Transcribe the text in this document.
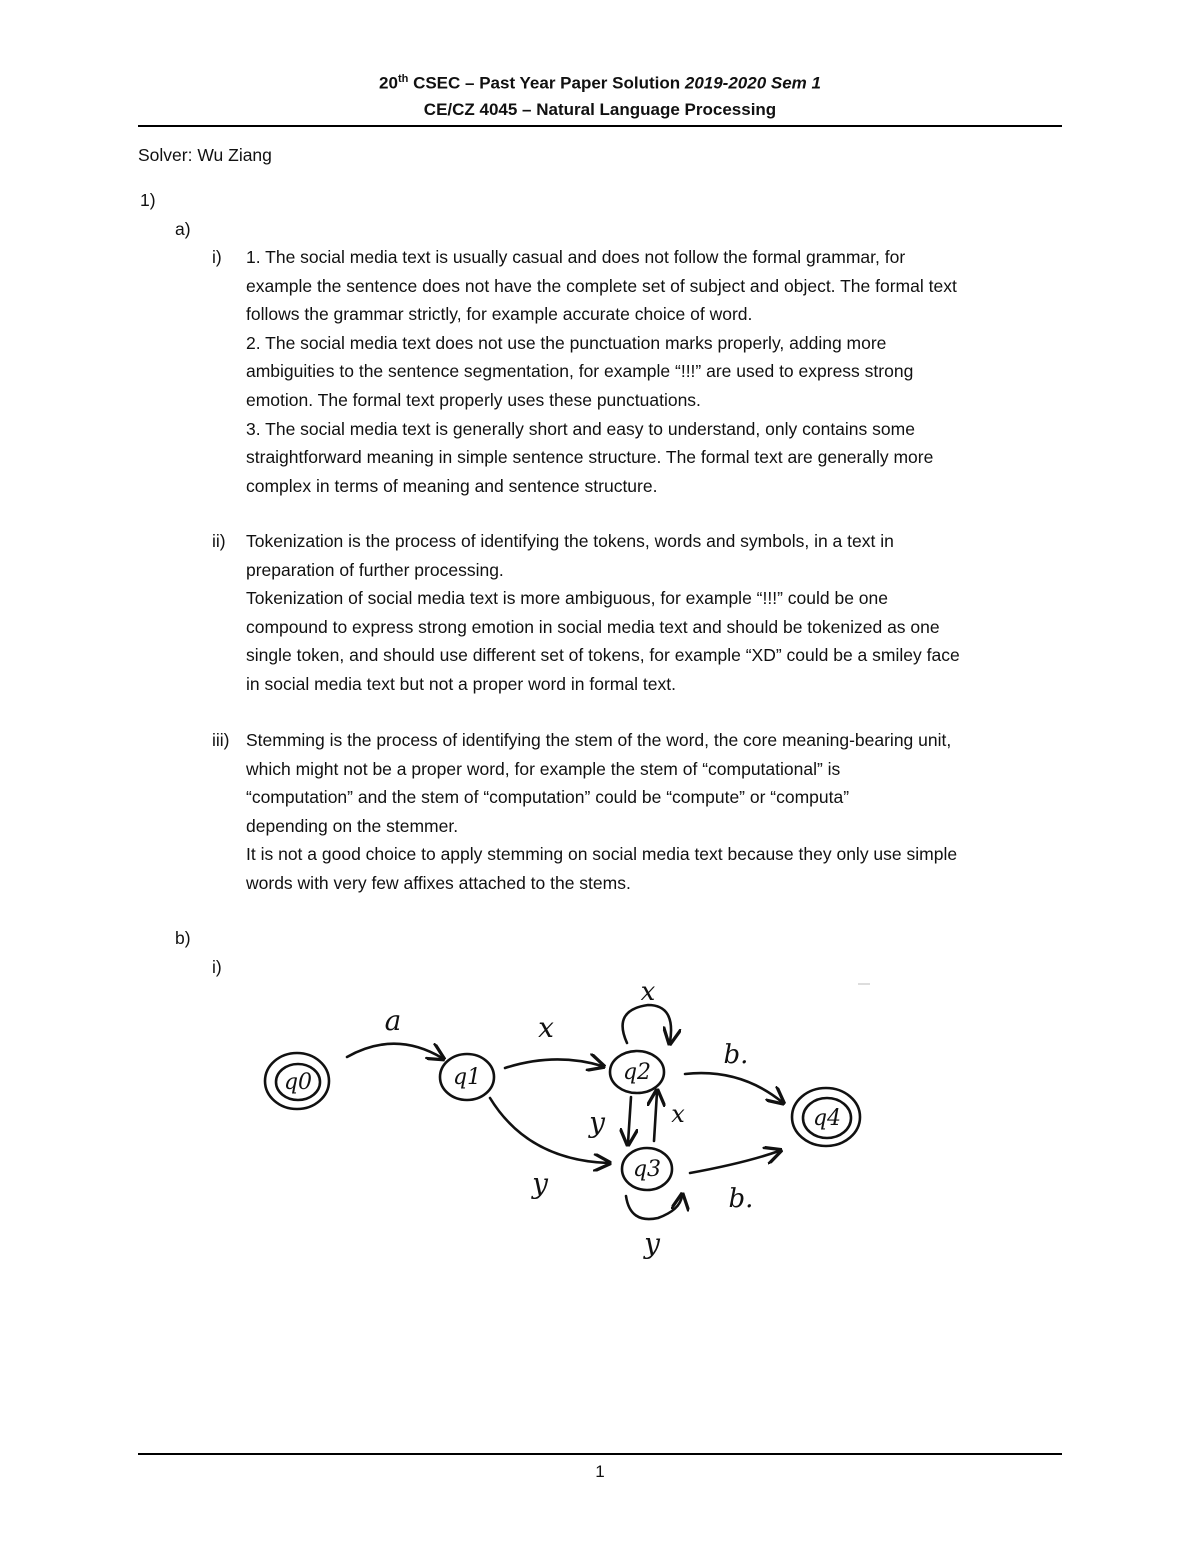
20th CSEC – Past Year Paper Solution 2019-2020 Sem 1
CE/CZ 4045 – Natural Language Processing
Solver: Wu Ziang
1)
a)
i) 1. The social media text is usually casual and does not follow the formal grammar, for

example the sentence does not have the complete set of subject and object. The formal text

follows the grammar strictly, for example accurate choice of word.

2. The social media text does not use the punctuation marks properly, adding more

ambiguities to the sentence segmentation, for example “!!!” are used to express strong

emotion. The formal text properly uses these punctuations.

3. The social media text is generally short and easy to understand, only contains some

straightforward meaning in simple sentence structure. The formal text are generally more

complex in terms of meaning and sentence structure.

ii) Tokenization is the process of identifying the tokens, words and symbols, in a text in

preparation of further processing.

Tokenization of social media text is more ambiguous, for example “!!!” could be one

compound to express strong emotion in social media text and should be tokenized as one

single token, and should use different set of tokens, for example “XD” could be a smiley face

in social media text but not a proper word in formal text.

iii) Stemming is the process of identifying the stem of the word, the core meaning-bearing unit,

which might not be a proper word, for example the stem of “computational” is

“computation” and the stem of “computation” could be “compute” or “computa”

depending on the stemmer.

It is not a good choice to apply stemming on social media text because they only use simple

words with very few affixes attached to the stems.

b)
i)
q0	q1	q2
q3
q4
a	x
x
b.
y	x
y	b.
y
1
